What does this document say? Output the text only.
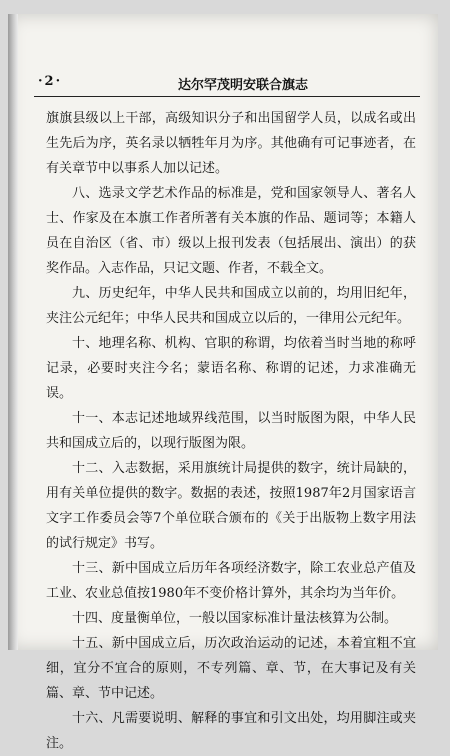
·2·	达尔罕茂明安联合旗志

旗旗县级以上干部，高级知识分子和出国留学人员，以成名或出生先后为序，英名录以牺牲年月为序。其他确有可记事迹者，在有关章节中以事系人加以记述。

八、选录文学艺术作品的标准是，党和国家领导人、著名人士、作家及在本旗工作者所著有关本旗的作品、题词等；本籍人员在自治区（省、市）级以上报刊发表（包括展出、演出）的获奖作品。入志作品，只记文题、作者，不载全文。

九、历史纪年，中华人民共和国成立以前的，均用旧纪年，夹注公元纪年；中华人民共和国成立以后的，一律用公元纪年。

十、地理名称、机构、官职的称谓，均依着当时当地的称呼记录，必要时夹注今名；蒙语名称、称谓的记述，力求准确无误。

十一、本志记述地域界线范围，以当时版图为限，中华人民共和国成立后的，以现行版图为限。

十二、入志数据，采用旗统计局提供的数字，统计局缺的，用有关单位提供的数字。数据的表述，按照1987年2月国家语言文字工作委员会等7个单位联合颁布的《关于出版物上数字用法的试行规定》书写。

十三、新中国成立后历年各项经济数字，除工农业总产值及工业、农业总值按1980年不变价格计算外，其余均为当年价。

十四、度量衡单位，一般以国家标准计量法核算为公制。

十五、新中国成立后，历次政治运动的记述，本着宜粗不宜细，宜分不宜合的原则，不专列篇、章、节，在大事记及有关篇、章、节中记述。

十六、凡需要说明、解释的事宜和引文出处，均用脚注或夹注。
